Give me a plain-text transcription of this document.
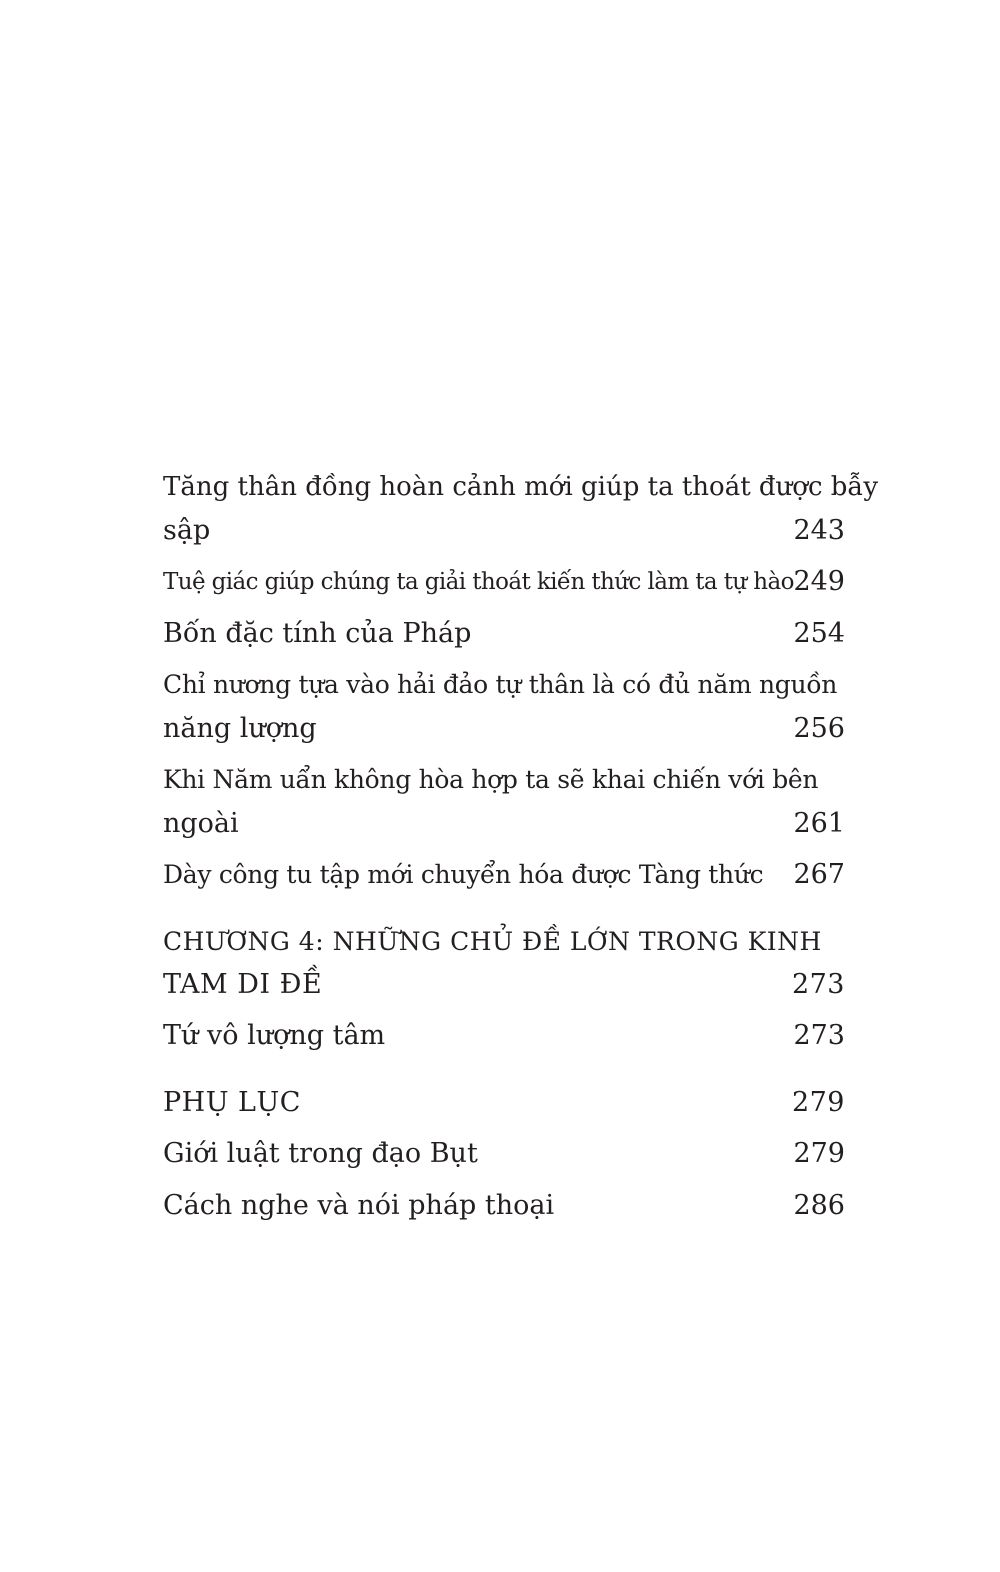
Tăng thân đồng hoàn cảnh mới giúp ta thoát được bẫy
sập	243
Tuệ giác giúp chúng ta giải thoát kiến thức làm ta tự hào 249
Bốn đặc tính của Pháp	254
Chỉ nương tựa vào hải đảo tự thân là có đủ năm nguồn
năng lượng	256
Khi Năm uẩn không hòa hợp ta sẽ khai chiến với bên
ngoài	261
Dày công tu tập mới chuyển hóa được Tàng thức 267
CHƯƠNG 4: NHỮNG CHỦ ĐỀ LỚN TRONG KINH
TAM DI ĐỀ	273
Tứ vô lượng tâm	273
PHỤ LỤC	279
Giới luật trong đạo Bụt	279
Cách nghe và nói pháp thoại	286
